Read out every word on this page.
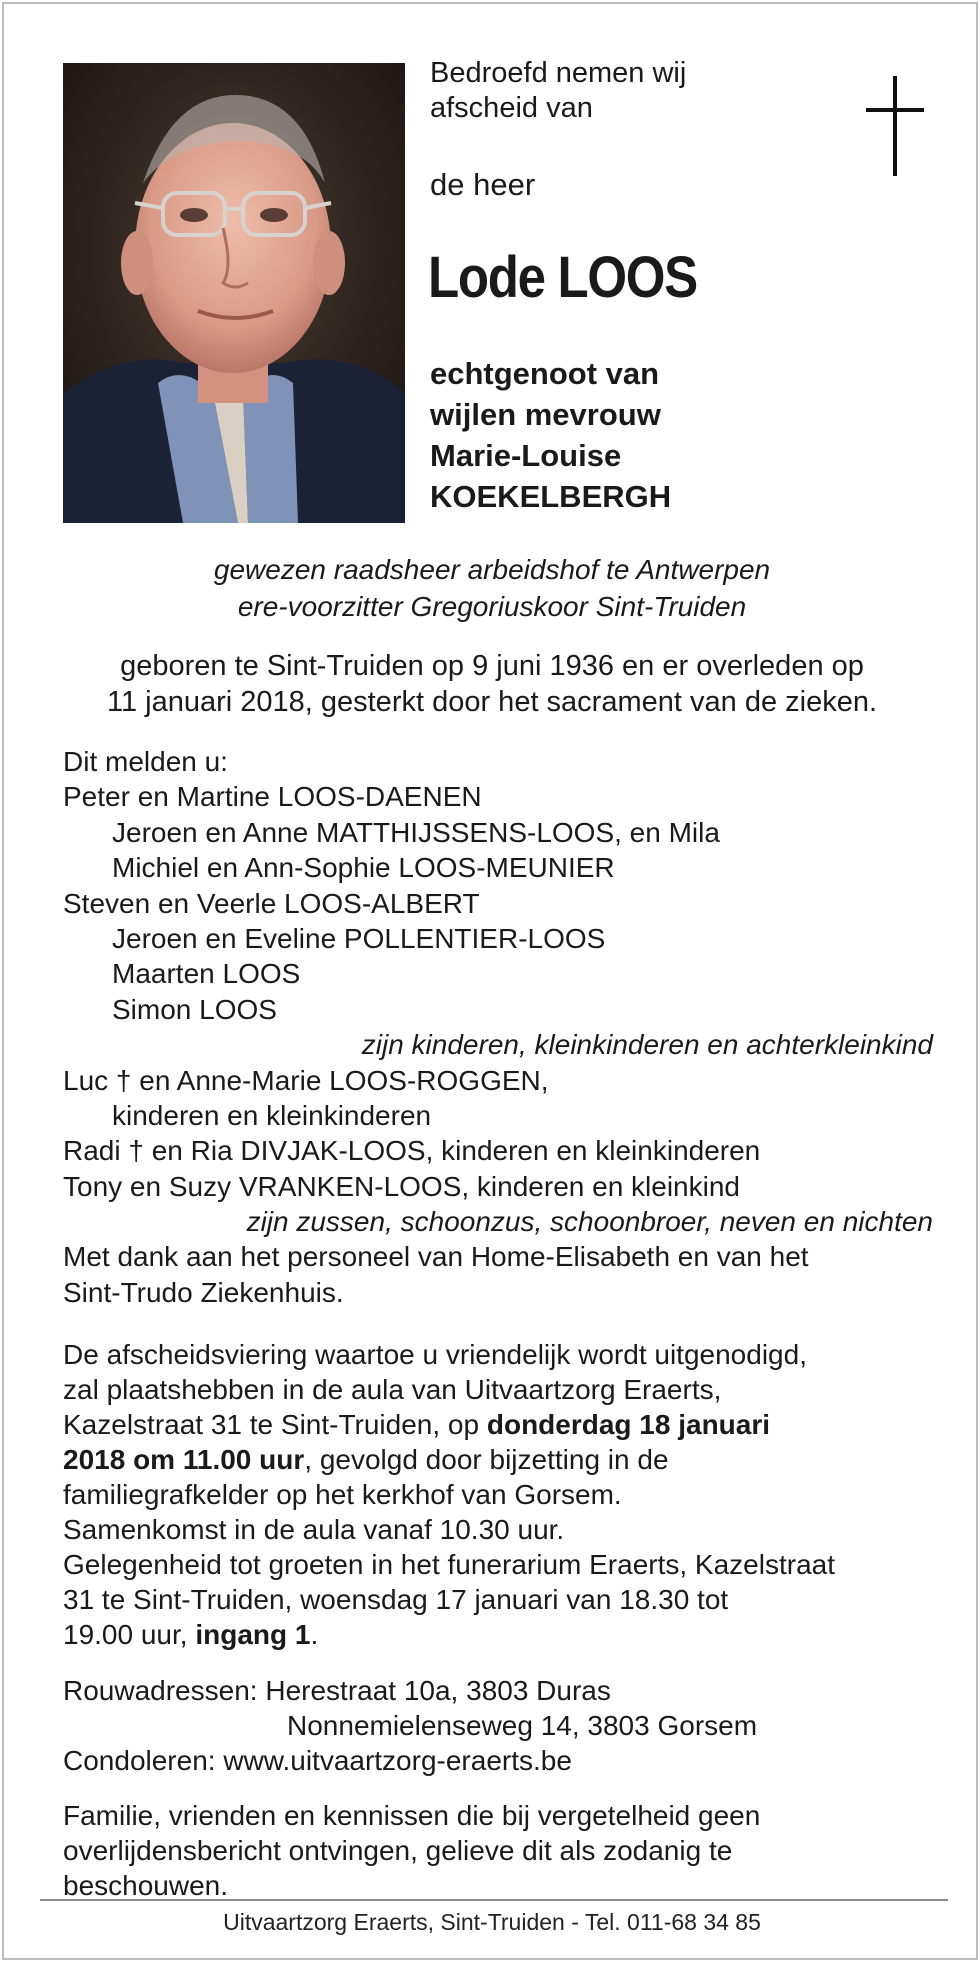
Bedroefd nemen wij
afscheid van
de heer
Lode LOOS
echtgenoot van
wijlen mevrouw
Marie-Louise
KOEKELBERGH
gewezen raadsheer arbeidshof te Antwerpen
ere-voorzitter Gregoriuskoor Sint-Truiden
geboren te Sint-Truiden op 9 juni 1936 en er overleden op
11 januari 2018, gesterkt door het sacrament van de zieken.
Dit melden u:
Peter en Martine LOOS-DAENEN
Jeroen en Anne MATTHIJSSENS-LOOS, en Mila
Michiel en Ann-Sophie LOOS-MEUNIER
Steven en Veerle LOOS-ALBERT
Jeroen en Eveline POLLENTIER-LOOS
Maarten LOOS
Simon LOOS
zijn kinderen, kleinkinderen en achterkleinkind
Luc † en Anne-Marie LOOS-ROGGEN,
kinderen en kleinkinderen
Radi † en Ria DIVJAK-LOOS, kinderen en kleinkinderen
Tony en Suzy VRANKEN-LOOS, kinderen en kleinkind
zijn zussen, schoonzus, schoonbroer, neven en nichten
Met dank aan het personeel van Home-Elisabeth en van het
Sint-Trudo Ziekenhuis.
De afscheidsviering waartoe u vriendelijk wordt uitgenodigd,
zal plaatshebben in de aula van Uitvaartzorg Eraerts,
Kazelstraat 31 te Sint-Truiden, op donderdag 18 januari
2018 om 11.00 uur, gevolgd door bijzetting in de
familiegrafkelder op het kerkhof van Gorsem.
Samenkomst in de aula vanaf 10.30 uur.
Gelegenheid tot groeten in het funerarium Eraerts, Kazelstraat
31 te Sint-Truiden, woensdag 17 januari van 18.30 tot
19.00 uur, ingang 1.
Rouwadressen: Herestraat 10a, 3803 Duras
Nonnemielenseweg 14, 3803 Gorsem
Condoleren: www.uitvaartzorg-eraerts.be
Familie, vrienden en kennissen die bij vergetelheid geen
overlijdensbericht ontvingen, gelieve dit als zodanig te
beschouwen.
Uitvaartzorg Eraerts, Sint-Truiden - Tel. 011-68 34 85
